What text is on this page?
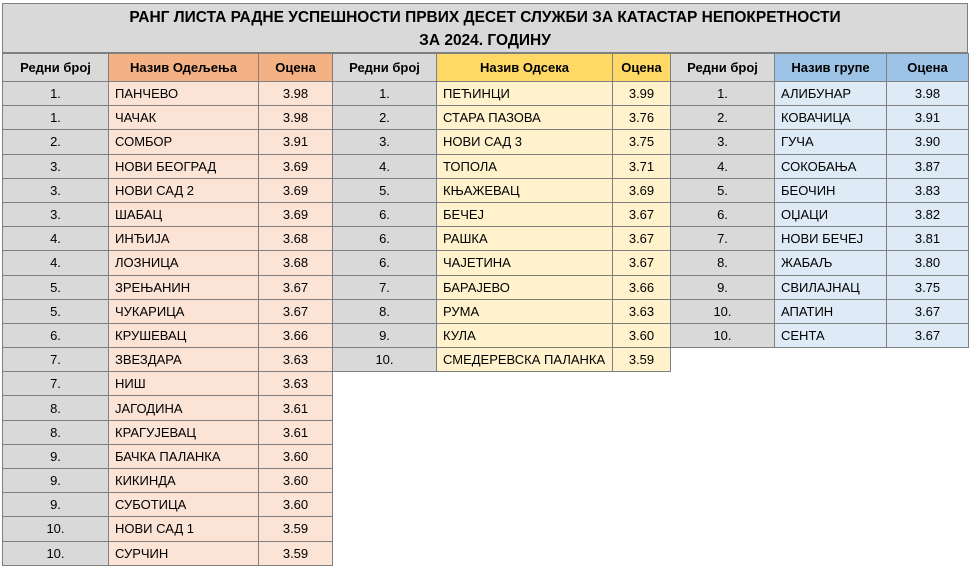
РАНГ ЛИСТА РАДНЕ УСПЕШНОСТИ ПРВИХ ДЕСЕТ СЛУЖБИ ЗА КАТАСТАР НЕПОКРЕТНОСТИ
ЗА 2024. ГОДИНУ
Редни број	Назив Одељења	Оцена
1.	ПАНЧЕВО	3.98
1.	ЧАЧАК	3.98
2.	СОМБОР	3.91
3.	НОВИ БЕОГРАД	3.69
3.	НОВИ САД 2	3.69
3.	ШАБАЦ	3.69
4.	ИНЂИЈА	3.68
4.	ЛОЗНИЦА	3.68
5.	ЗРЕЊАНИН	3.67
5.	ЧУКАРИЦА	3.67
6.	КРУШЕВАЦ	3.66
7.	ЗВЕЗДАРА	3.63
7.	НИШ	3.63
8.	ЈАГОДИНА	3.61
8.	КРАГУЈЕВАЦ	3.61
9.	БАЧКА ПАЛАНКА	3.60
9.	КИКИНДА	3.60
9.	СУБОТИЦА	3.60
10.	НОВИ САД 1	3.59
10.	СУРЧИН	3.59
Редни број	Назив Одсека	Оцена
1.	ПЕЋИНЦИ	3.99
2.	СТАРА ПАЗОВА	3.76
3.	НОВИ САД 3	3.75
4.	ТОПОЛА	3.71
5.	КЊАЖЕВАЦ	3.69
6.	БЕЧЕЈ	3.67
6.	РАШКА	3.67
6.	ЧАЈЕТИНА	3.67
7.	БАРАЈЕВО	3.66
8.	РУМА	3.63
9.	КУЛА	3.60
10.	СМЕДЕРЕВСКА ПАЛАНКА	3.59
Редни број	Назив групе	Оцена
1.	АЛИБУНАР	3.98
2.	КОВАЧИЦА	3.91
3.	ГУЧА	3.90
4.	СОКОБАЊА	3.87
5.	БЕОЧИН	3.83
6.	ОЏАЦИ	3.82
7.	НОВИ БЕЧЕЈ	3.81
8.	ЖАБАЉ	3.80
9.	СВИЛАЈНАЦ	3.75
10.	АПАТИН	3.67
10.	СЕНТА	3.67
